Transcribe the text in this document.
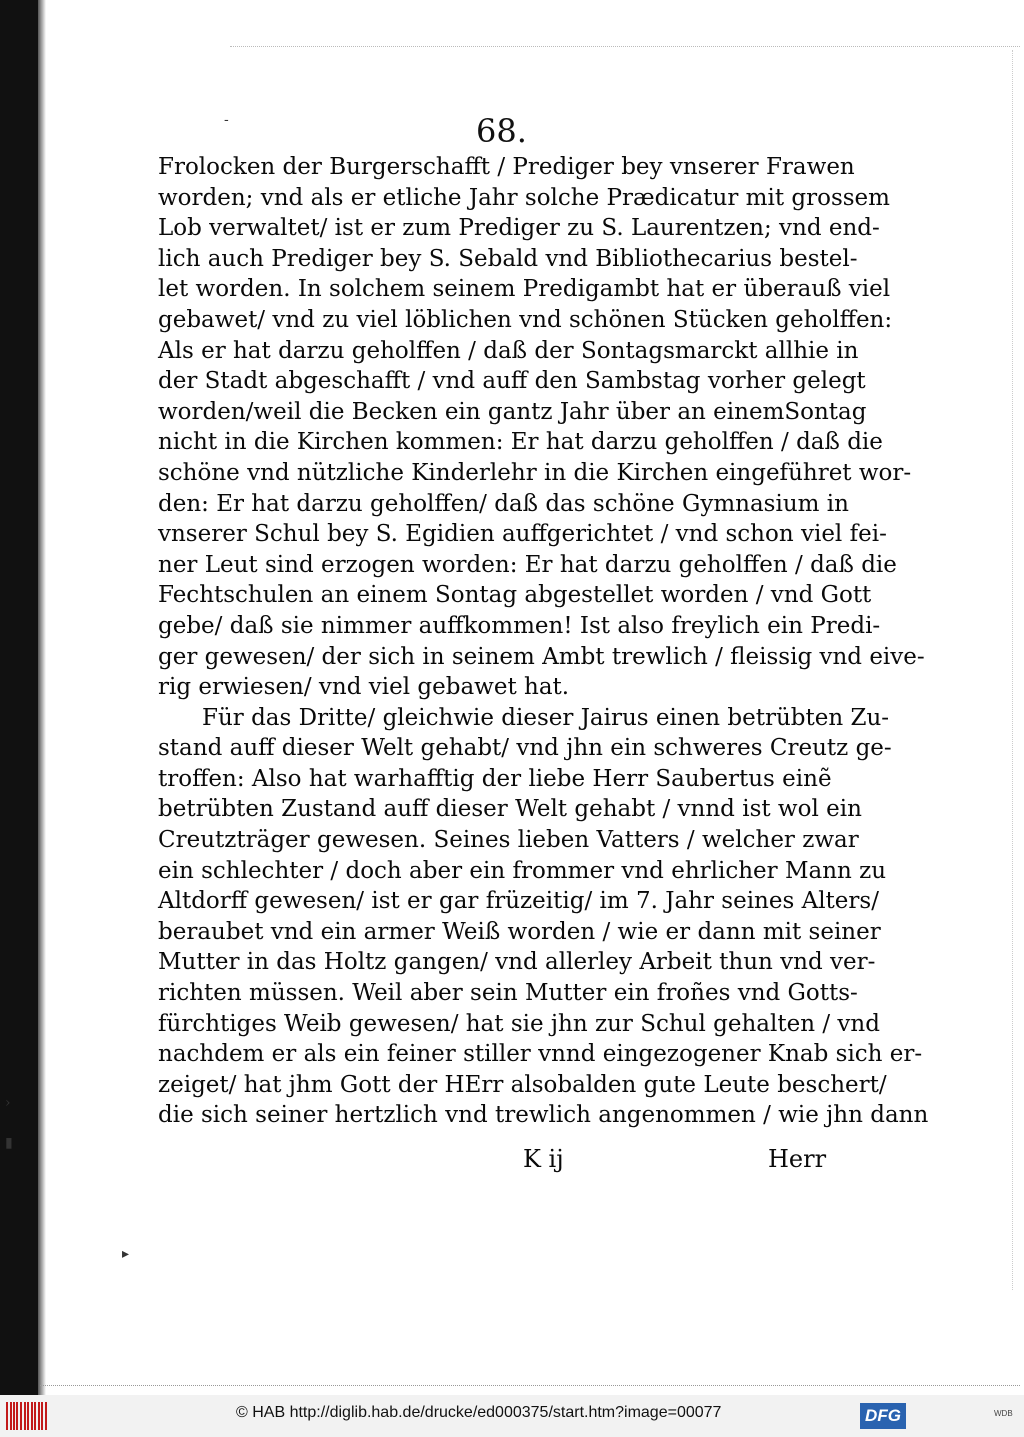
-
▸
›
▮
68.
Frolocken der Burgerschafft / Prediger bey vnserer Frawen
worden; vnd als er etliche Jahr solche Prædicatur mit grossem
Lob verwaltet/ ist er zum Prediger zu S. Laurentzen; vnd end-
lich auch Prediger bey S. Sebald vnd Bibliothecarius bestel-
let worden. In solchem seinem Predigambt hat er überauß viel
gebawet/ vnd zu viel löblichen vnd schönen Stücken geholffen:
Als er hat darzu geholffen / daß der Sontagsmarckt allhie in
der Stadt abgeschafft / vnd auff den Sambstag vorher gelegt
worden/weil die Becken ein gantz Jahr über an einemSontag
nicht in die Kirchen kommen: Er hat darzu geholffen / daß die
schöne vnd nützliche Kinderlehr in die Kirchen eingeführet wor-
den: Er hat darzu geholffen/ daß das schöne Gymnasium in
vnserer Schul bey S. Egidien auffgerichtet / vnd schon viel fei-
ner Leut sind erzogen worden: Er hat darzu geholffen / daß die
Fechtschulen an einem Sontag abgestellet worden / vnd Gott
gebe/ daß sie nimmer auffkommen! Ist also freylich ein Predi-
ger gewesen/ der sich in seinem Ambt trewlich / fleissig vnd eive-
rig erwiesen/ vnd viel gebawet hat.
Für das Dritte/ gleichwie dieser Jairus einen betrübten Zu-
stand auff dieser Welt gehabt/ vnd jhn ein schweres Creutz ge-
troffen: Also hat warhafftig der liebe Herr Saubertus einẽ
betrübten Zustand auff dieser Welt gehabt / vnnd ist wol ein
Creutzträger gewesen. Seines lieben Vatters / welcher zwar
ein schlechter / doch aber ein frommer vnd ehrlicher Mann zu
Altdorff gewesen/ ist er gar früzeitig/ im 7. Jahr seines Alters/
beraubet vnd ein armer Weiß worden / wie er dann mit seiner
Mutter in das Holtz gangen/ vnd allerley Arbeit thun vnd ver-
richten müssen. Weil aber sein Mutter ein froñes vnd Gotts-
fürchtiges Weib gewesen/ hat sie jhn zur Schul gehalten / vnd
nachdem er als ein feiner stiller vnnd eingezogener Knab sich er-
zeiget/ hat jhm Gott der HErr alsobalden gute Leute beschert/
die sich seiner hertzlich vnd trewlich angenommen / wie jhn dann
K ij	Herr
© HAB http://diglib.hab.de/drucke/ed000375/start.htm?image=00077	DFG	WDB
